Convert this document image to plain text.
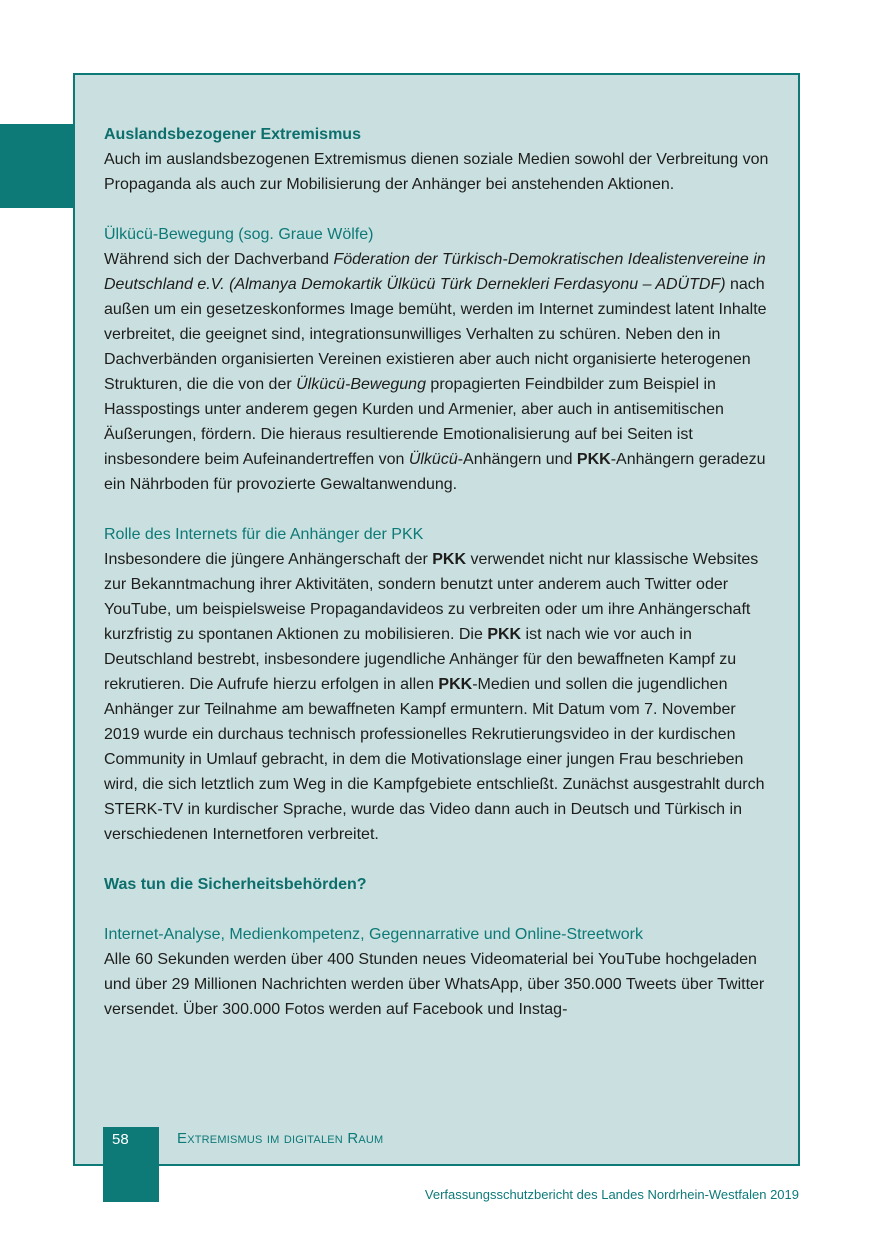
Auslandsbezogener Extremismus

Auch im auslandsbezogenen Extremismus dienen soziale Medien sowohl der Verbreitung von Propaganda als auch zur Mobilisierung der Anhänger bei anstehenden Aktionen.

Ülkücü-Bewegung (sog. Graue Wölfe)

Während sich der Dachverband Föderation der Türkisch-Demokratischen Idealistenvereine in Deutschland e.V. (Almanya Demokartik Ülkücü Türk Dernekleri Ferdasyonu – ADÜTDF) nach außen um ein gesetzeskonformes Image bemüht, werden im Internet zumindest latent Inhalte verbreitet, die geeignet sind, integrationsunwilliges Verhalten zu schüren. Neben den in Dachverbänden organisierten Vereinen existieren aber auch nicht organisierte heterogenen Strukturen, die die von der Ülkücü-Bewegung propagierten Feindbilder zum Beispiel in Hasspostings unter anderem gegen Kurden und Armenier, aber auch in antisemitischen Äußerungen, fördern. Die hieraus resultierende Emotionalisierung auf bei Seiten ist insbesondere beim Aufeinandertreffen von Ülkücü-Anhängern und PKK-Anhängern geradezu ein Nährboden für provozierte Gewaltanwendung.

Rolle des Internets für die Anhänger der PKK

Insbesondere die jüngere Anhängerschaft der PKK verwendet nicht nur klassische Websites zur Bekanntmachung ihrer Aktivitäten, sondern benutzt unter anderem auch Twitter oder YouTube, um beispielsweise Propagandavideos zu verbreiten oder um ihre Anhängerschaft kurzfristig zu spontanen Aktionen zu mobilisieren. Die PKK ist nach wie vor auch in Deutschland bestrebt, insbesondere jugendliche Anhänger für den bewaffneten Kampf zu rekrutieren. Die Aufrufe hierzu erfolgen in allen PKK-Medien und sollen die jugendlichen Anhänger zur Teilnahme am bewaffneten Kampf ermuntern. Mit Datum vom 7. November 2019 wurde ein durchaus technisch professionelles Rekrutierungsvideo in der kurdischen Community in Umlauf gebracht, in dem die Motivationslage einer jungen Frau beschrieben wird, die sich letztlich zum Weg in die Kampfgebiete entschließt. Zunächst ausgestrahlt durch STERK-TV in kurdischer Sprache, wurde das Video dann auch in Deutsch und Türkisch in verschiedenen Internetforen verbreitet.

Was tun die Sicherheitsbehörden?

Internet-Analyse, Medienkompetenz, Gegennarrative und Online-Streetwork

Alle 60 Sekunden werden über 400 Stunden neues Videomaterial bei YouTube hochgeladen und über 29 Millionen Nachrichten werden über WhatsApp, über 350.000 Tweets über Twitter versendet. Über 300.000 Fotos werden auf Facebook und Instag-

58	Extremismus im digitalen Raum
Verfassungsschutzbericht des Landes Nordrhein-Westfalen 2019
